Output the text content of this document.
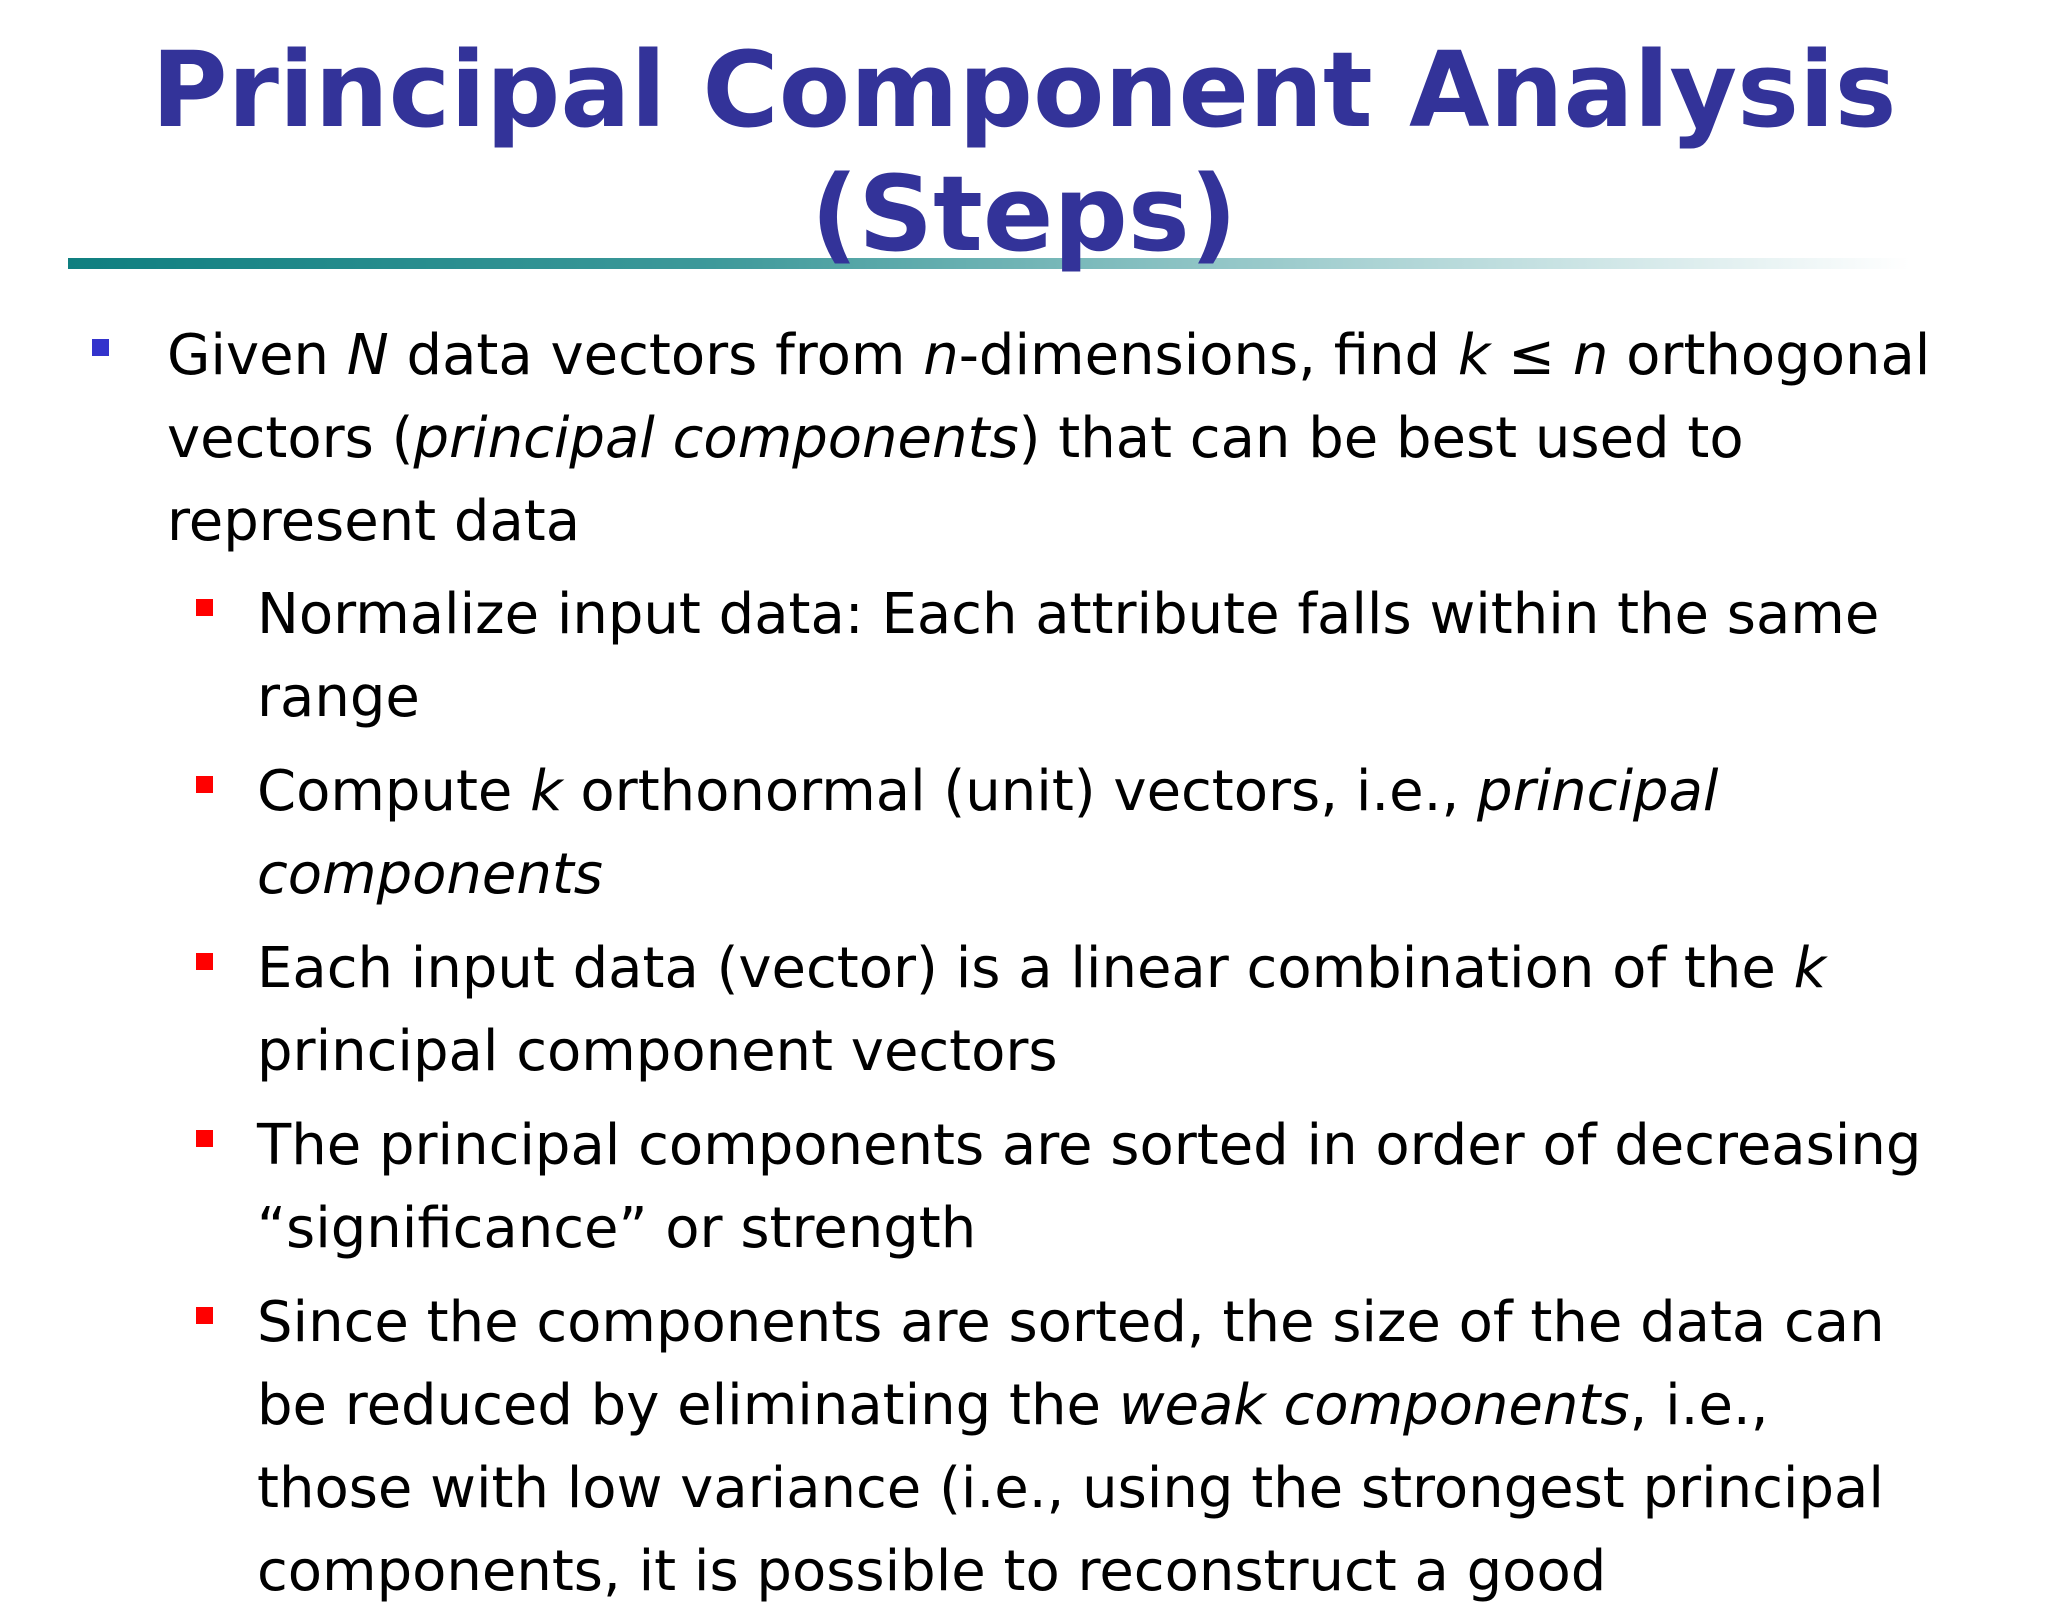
Principal Component Analysis
(Steps)
Given N data vectors from n-dimensions, find k ≤ n orthogonal
vectors (principal components) that can be best used to
represent data
Normalize input data: Each attribute falls within the same
range
Compute k orthonormal (unit) vectors, i.e., principal
components
Each input data (vector) is a linear combination of the k
principal component vectors
The principal components are sorted in order of decreasing
“significance” or strength
Since the components are sorted, the size of the data can
be reduced by eliminating the weak components, i.e.,
those with low variance (i.e., using the strongest principal
components, it is possible to reconstruct a good
